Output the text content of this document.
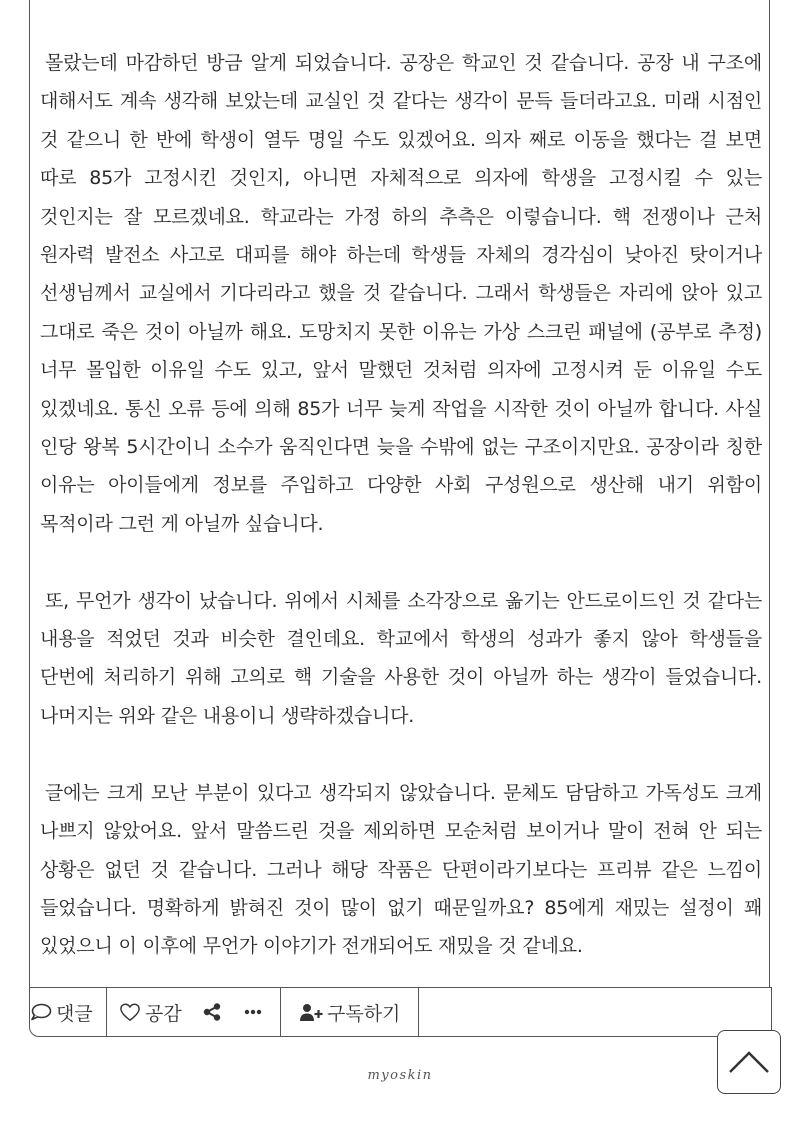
몰랐는데 마감하던 방금 알게 되었습니다. 공장은 학교인 것 같습니다. 공장 내 구조에 대해서도 계속 생각해 보았는데 교실인 것 같다는 생각이 문득 들더라고요. 미래 시점인 것 같으니 한 반에 학생이 열두 명일 수도 있겠어요. 의자 째로 이동을 했다는 걸 보면 따로 85가 고정시킨 것인지, 아니면 자체적으로 의자에 학생을 고정시킬 수 있는 것인지는 잘 모르겠네요. 학교라는 가정 하의 추측은 이렇습니다. 핵 전쟁이나 근처 원자력 발전소 사고로 대피를 해야 하는데 학생들 자체의 경각심이 낮아진 탓이거나 선생님께서 교실에서 기다리라고 했을 것 같습니다. 그래서 학생들은 자리에 앉아 있고 그대로 죽은 것이 아닐까 해요. 도망치지 못한 이유는 가상 스크린 패널에 (공부로 추정) 너무 몰입한 이유일 수도 있고, 앞서 말했던 것처럼 의자에 고정시켜 둔 이유일 수도 있겠네요. 통신 오류 등에 의해 85가 너무 늦게 작업을 시작한 것이 아닐까 합니다. 사실 인당 왕복 5시간이니 소수가 움직인다면 늦을 수밖에 없는 구조이지만요. 공장이라 칭한 이유는 아이들에게 정보를 주입하고 다양한 사회 구성원으로 생산해 내기 위함이 목적이라 그런 게 아닐까 싶습니다.

또, 무언가 생각이 났습니다. 위에서 시체를 소각장으로 옮기는 안드로이드인 것 같다는 내용을 적었던 것과 비슷한 결인데요. 학교에서 학생의 성과가 좋지 않아 학생들을 단번에 처리하기 위해 고의로 핵 기술을 사용한 것이 아닐까 하는 생각이 들었습니다. 나머지는 위와 같은 내용이니 생략하겠습니다.

글에는 크게 모난 부분이 있다고 생각되지 않았습니다. 문체도 담담하고 가독성도 크게 나쁘지 않았어요. 앞서 말씀드린 것을 제외하면 모순처럼 보이거나 말이 전혀 안 되는 상황은 없던 것 같습니다. 그러나 해당 작품은 단편이라기보다는 프리뷰 같은 느낌이 들었습니다. 명확하게 밝혀진 것이 많이 없기 때문일까요? 85에게 재밌는 설정이 꽤 있었으니 이 이후에 무언가 이야기가 전개되어도 재밌을 것 같네요.

댓글	공감	구독하기
myoskin
